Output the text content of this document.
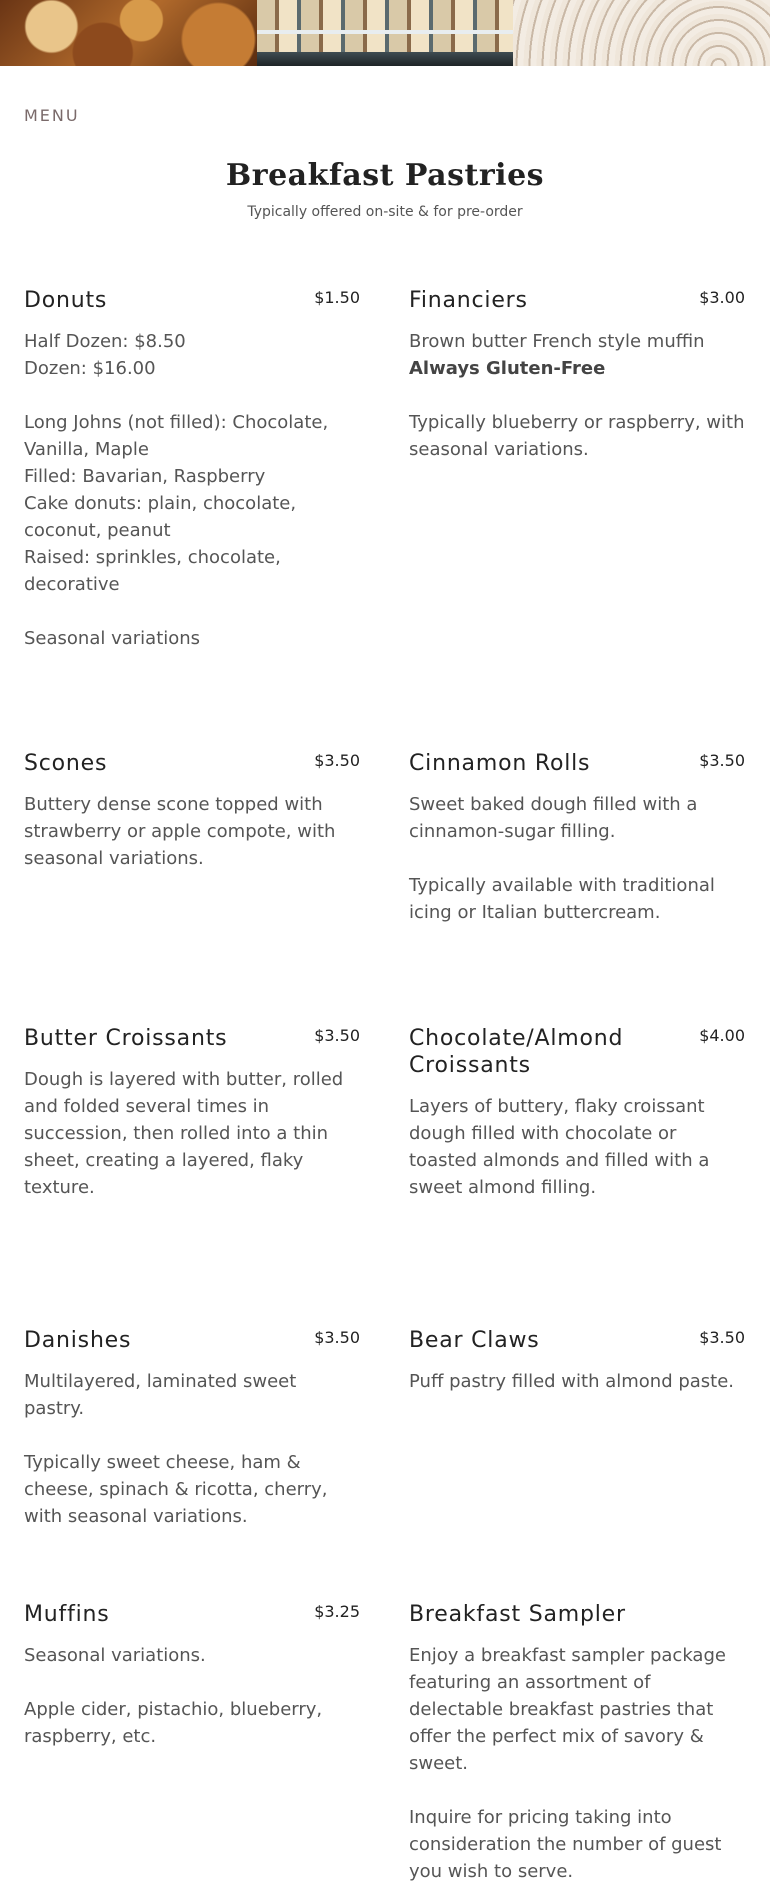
MENU
Breakfast Pastries
Typically offered on-site & for pre-order
Donuts	$1.50

Half Dozen: $8.50

Dozen: $16.00

Long Johns (not filled): Chocolate, Vanilla, Maple

Filled: Bavarian, Raspberry

Cake donuts: plain, chocolate, coconut, peanut

Raised: sprinkles, chocolate, decorative

Seasonal variations

Financiers	$3.00

Brown butter French style muffin

Always Gluten-Free

Typically blueberry or raspberry, with seasonal variations.

Scones	$3.50

Buttery dense scone topped with strawberry or apple compote, with seasonal variations.

Cinnamon Rolls	$3.50

Sweet baked dough filled with a cinnamon-sugar filling.

Typically available with traditional icing or Italian buttercream.

Butter Croissants	$3.50

Dough is layered with butter, rolled and folded several times in succession, then rolled into a thin sheet, creating a layered, flaky texture.

Chocolate/Almond Croissants
$4.00

Layers of buttery, flaky croissant dough filled with chocolate or toasted almonds and filled with a sweet almond filling.

Danishes	$3.50

Multilayered, laminated sweet pastry.

Typically sweet cheese, ham & cheese, spinach & ricotta, cherry, with seasonal variations.

Bear Claws	$3.50

Puff pastry filled with almond paste.

Muffins	$3.25

Seasonal variations.

Apple cider, pistachio, blueberry, raspberry, etc.

Breakfast Sampler

Enjoy a breakfast sampler package featuring an assortment of delectable breakfast pastries that offer the perfect mix of savory & sweet.

Inquire for pricing taking into consideration the number of guest you wish to serve.
